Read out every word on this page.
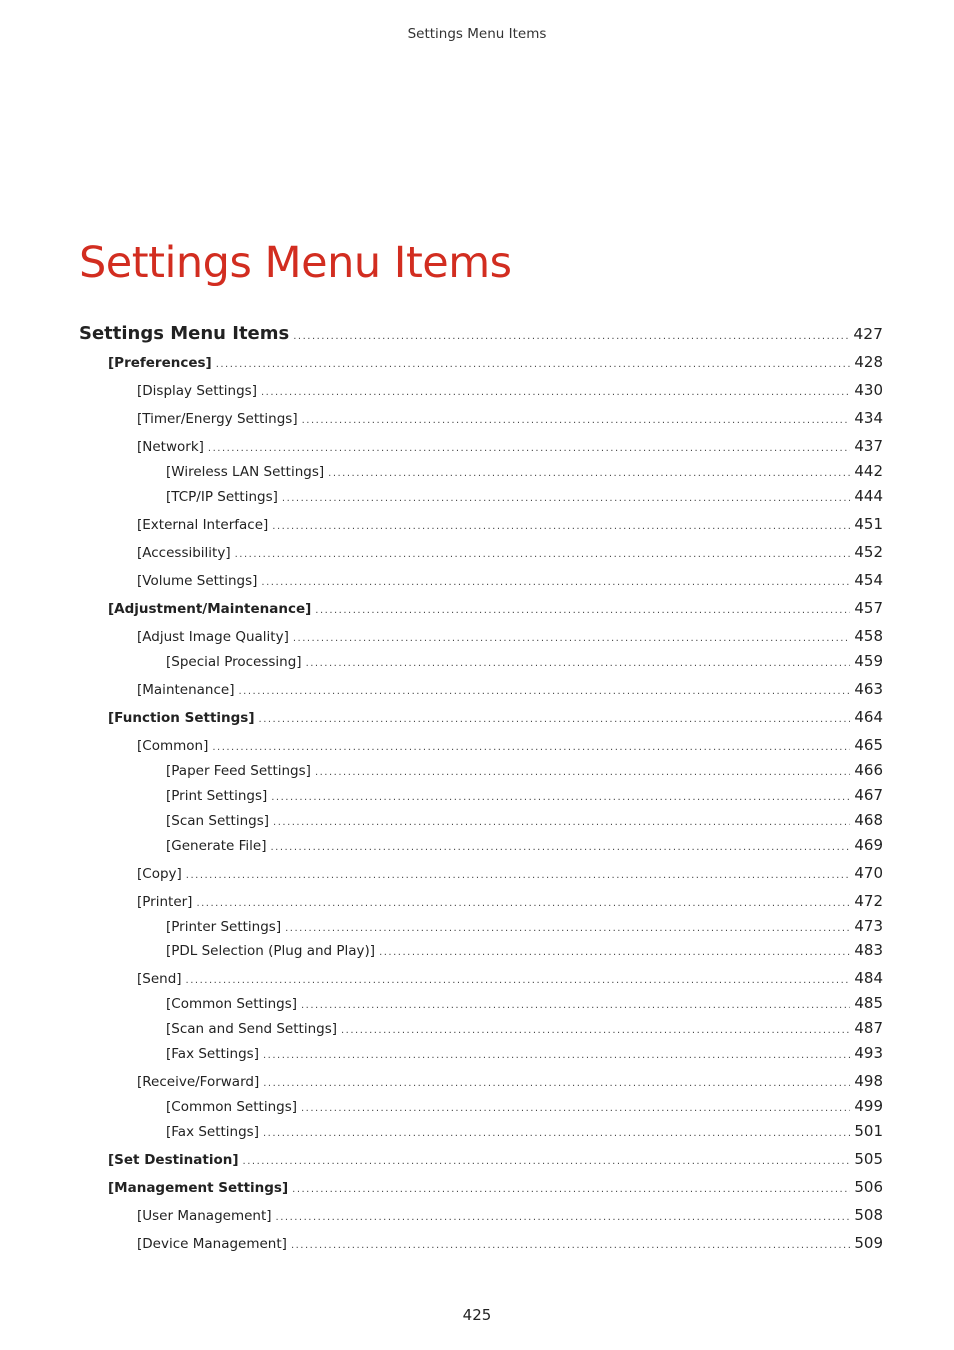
Settings Menu Items
Settings Menu Items
Settings Menu Items .....	427
[Preferences] .....	428
[Display Settings] .....	430
[Timer/Energy Settings] .....	434
[Network] .....	437
[Wireless LAN Settings] .....	442
[TCP/IP Settings] .....	444
[External Interface] .....	451
[Accessibility] .....	452
[Volume Settings] .....	454
[Adjustment/Maintenance] .....	457
[Adjust Image Quality] .....	458
[Special Processing] .....	459
[Maintenance] .....	463
[Function Settings] .....	464
[Common] .....	465
[Paper Feed Settings] .....	466
[Print Settings] .....	467
[Scan Settings] .....	468
[Generate File] .....	469
[Copy] .....	470
[Printer] .....	472
[Printer Settings] .....	473
[PDL Selection (Plug and Play)] .....	483
[Send] .....	484
[Common Settings] .....	485
[Scan and Send Settings] .....	487
[Fax Settings] .....	493
[Receive/Forward] .....	498
[Common Settings] .....	499
[Fax Settings] .....	501
[Set Destination] .....	505
[Management Settings] .....	506
[User Management] .....	508
[Device Management] .....	509
425
